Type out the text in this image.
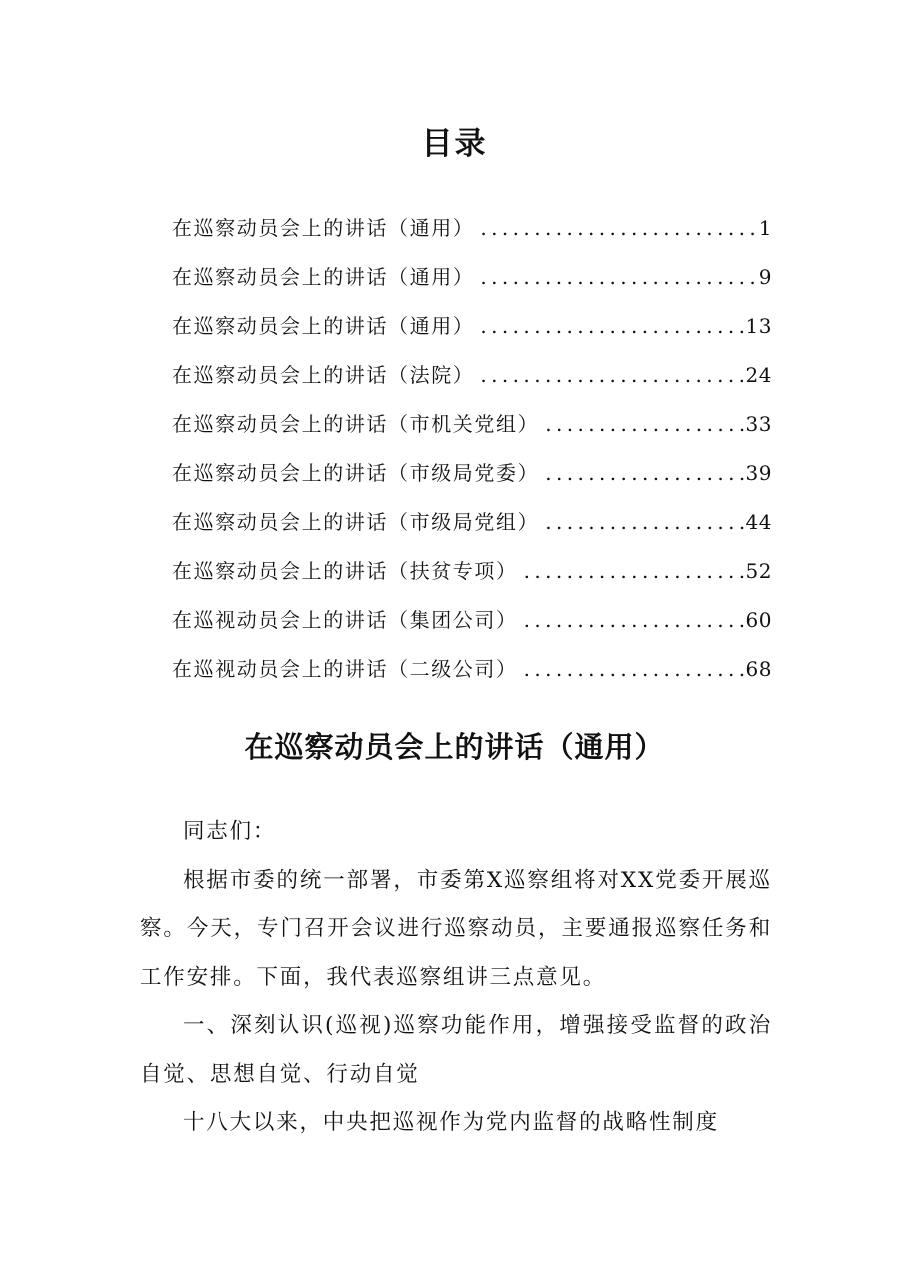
目录
在巡察动员会上的讲话（通用） .....	1
在巡察动员会上的讲话（通用） .....	9
在巡察动员会上的讲话（通用） .....	13
在巡察动员会上的讲话（法院） .....	24
在巡察动员会上的讲话（市机关党组） .....	33
在巡察动员会上的讲话（市级局党委） .....	39
在巡察动员会上的讲话（市级局党组） .....	44
在巡察动员会上的讲话（扶贫专项） .....	52
在巡视动员会上的讲话（集团公司） .....	60
在巡视动员会上的讲话（二级公司） .....	68
在巡察动员会上的讲话（通用）

同志们：

根据市委的统一部署，市委第X巡察组将对XX党委开展巡察。今天，专门召开会议进行巡察动员，主要通报巡察任务和工作安排。下面，我代表巡察组讲三点意见。

一、深刻认识(巡视)巡察功能作用，增强接受监督的政治自觉、思想自觉、行动自觉

十八大以来，中央把巡视作为党内监督的战略性制度
